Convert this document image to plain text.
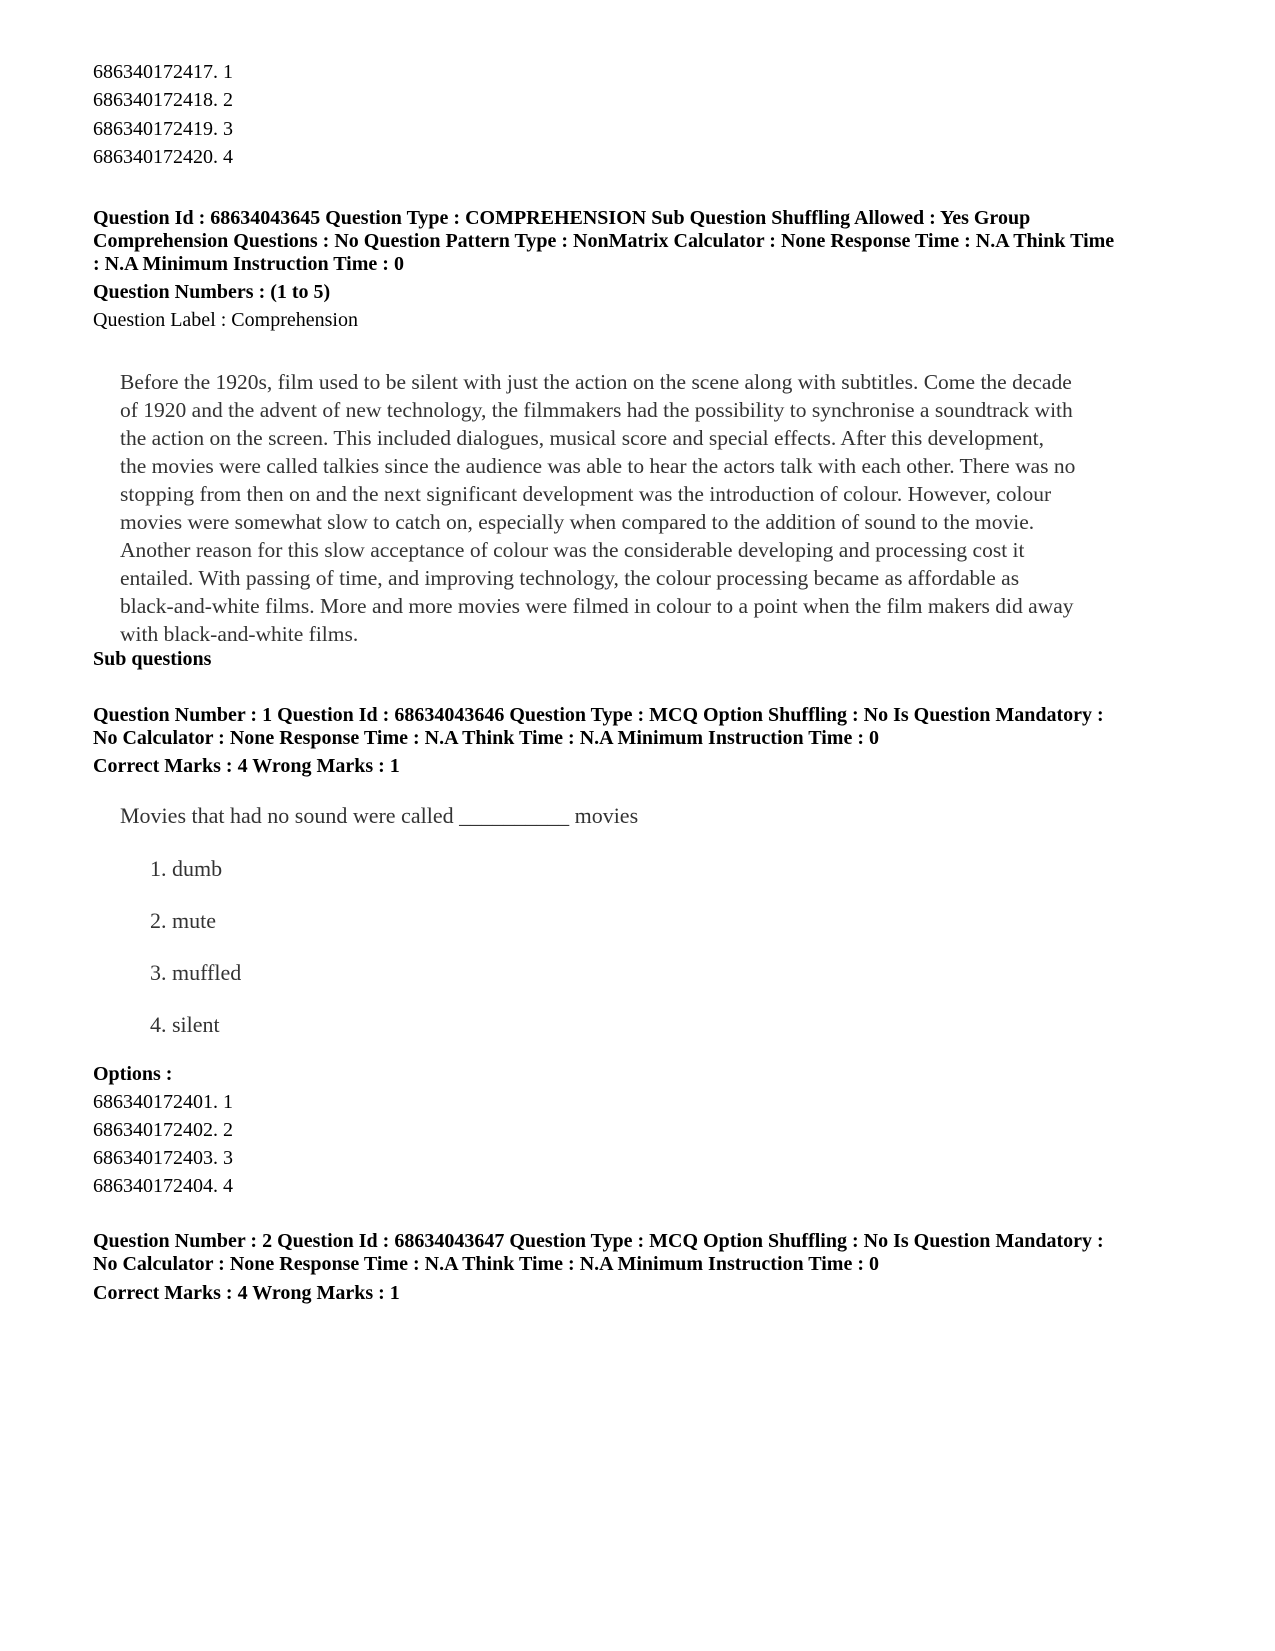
686340172417. 1
686340172418. 2
686340172419. 3
686340172420. 4
Question Id : 68634043645 Question Type : COMPREHENSION Sub Question Shuffling Allowed : Yes Group
Comprehension Questions : No Question Pattern Type : NonMatrix Calculator : None Response Time : N.A Think Time
: N.A Minimum Instruction Time : 0
Question Numbers : (1 to 5)
Question Label : Comprehension
Before the 1920s, film used to be silent with just the action on the scene along with subtitles. Come the decade
of 1920 and the advent of new technology, the filmmakers had the possibility to synchronise a soundtrack with
the action on the screen. This included dialogues, musical score and special effects. After this development,
the movies were called talkies since the audience was able to hear the actors talk with each other. There was no
stopping from then on and the next significant development was the introduction of colour. However, colour
movies were somewhat slow to catch on, especially when compared to the addition of sound to the movie.
Another reason for this slow acceptance of colour was the considerable developing and processing cost it
entailed. With passing of time, and improving technology, the colour processing became as affordable as
black-and-white films. More and more movies were filmed in colour to a point when the film makers did away
with black-and-white films.
Sub questions
Question Number : 1 Question Id : 68634043646 Question Type : MCQ Option Shuffling : No Is Question Mandatory :
No Calculator : None Response Time : N.A Think Time : N.A Minimum Instruction Time : 0
Correct Marks : 4 Wrong Marks : 1
Movies that had no sound were called __________ movies
1. dumb
2. mute
3. muffled
4. silent
Options :
686340172401. 1
686340172402. 2
686340172403. 3
686340172404. 4
Question Number : 2 Question Id : 68634043647 Question Type : MCQ Option Shuffling : No Is Question Mandatory :
No Calculator : None Response Time : N.A Think Time : N.A Minimum Instruction Time : 0
Correct Marks : 4 Wrong Marks : 1
